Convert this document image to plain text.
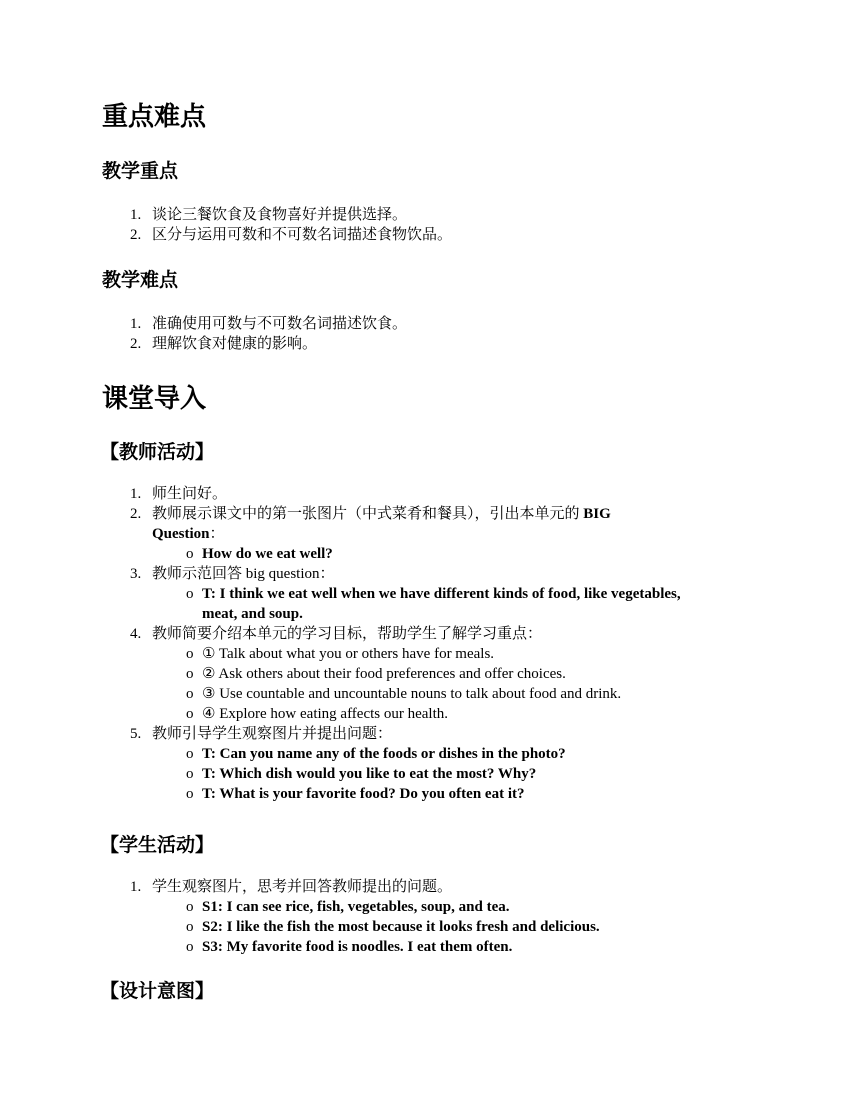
重点难点
教学重点
1. 谈论三餐饮食及食物喜好并提供选择。
2. 区分与运用可数和不可数名词描述食物饮品。
教学难点
1. 准确使用可数与不可数名词描述饮食。
2. 理解饮食对健康的影响。
课堂导入
【教师活动】
1. 师生问好。
2. 教师展示课文中的第一张图片（中式菜肴和餐具），引出本单元的 BIG
Question：
o How do we eat well?
3. 教师示范回答 big question：
o T: I think we eat well when we have different kinds of food, like vegetables,
meat, and soup.
4. 教师简要介绍本单元的学习目标，帮助学生了解学习重点：
o ① Talk about what you or others have for meals.
o ② Ask others about their food preferences and offer choices.
o ③ Use countable and uncountable nouns to talk about food and drink.
o ④ Explore how eating affects our health.
5. 教师引导学生观察图片并提出问题：
o T: Can you name any of the foods or dishes in the photo?
o T: Which dish would you like to eat the most? Why?
o T: What is your favorite food? Do you often eat it?
【学生活动】
1. 学生观察图片，思考并回答教师提出的问题。
o S1: I can see rice, fish, vegetables, soup, and tea.
o S2: I like the fish the most because it looks fresh and delicious.
o S3: My favorite food is noodles. I eat them often.
【设计意图】
